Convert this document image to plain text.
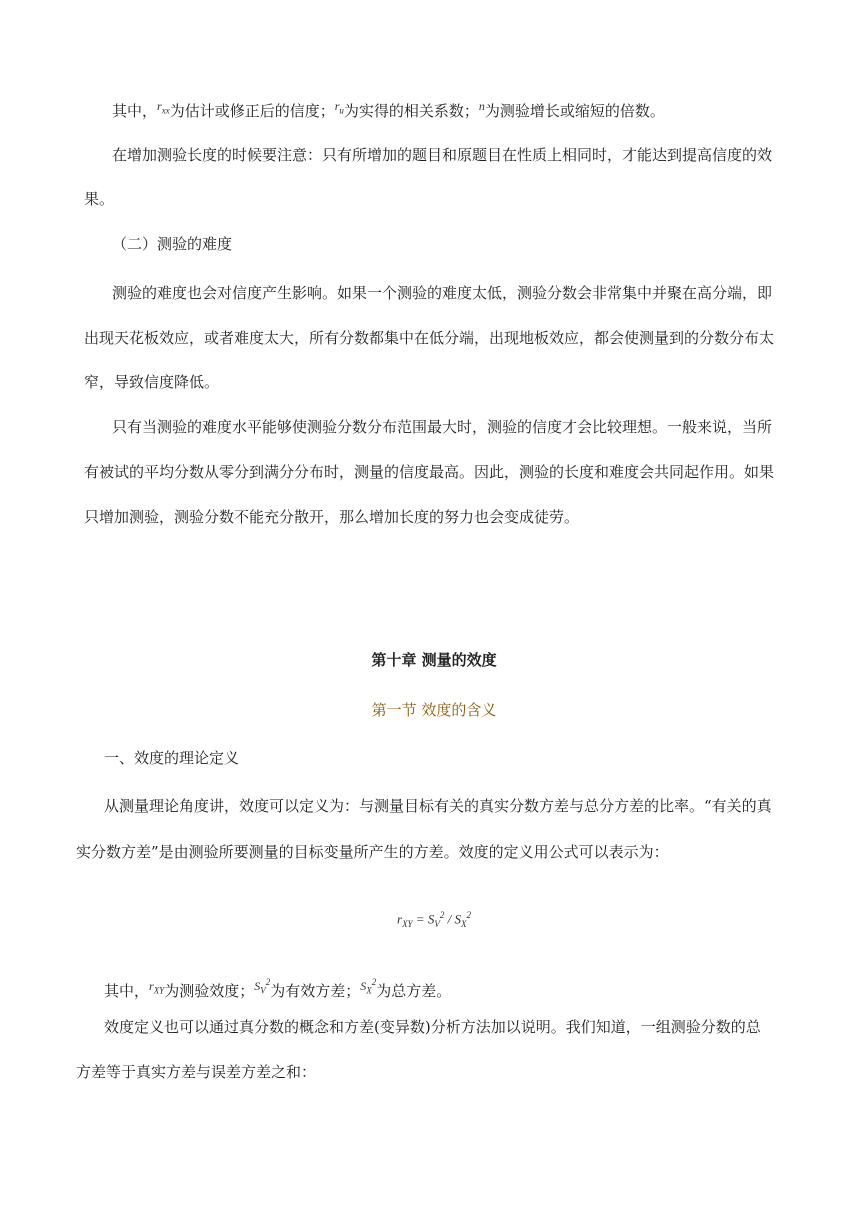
其中，$^{r_{xx}}$为估计或修正后的信度；$^{r_u}$为实得的相关系数；$^n$为测验增长或缩短的倍数。
在增加测验长度的时候要注意：只有所增加的题目和原题目在性质上相同时，才能达到提高信度的效
果。
（二）测验的难度
测验的难度也会对信度产生影响。如果一个测验的难度太低，测验分数会非常集中并聚在高分端，即
出现天花板效应，或者难度太大，所有分数都集中在低分端，出现地板效应，都会使测量到的分数分布太
窄，导致信度降低。
只有当测验的难度水平能够使测验分数分布范围最大时，测验的信度才会比较理想。一般来说，当所
有被试的平均分数从零分到满分分布时，测量的信度最高。因此，测验的长度和难度会共同起作用。如果
只增加测验，测验分数不能充分散开，那么增加长度的努力也会变成徒劳。
第十章 测量的效度
第一节 效度的含义
一、效度的理论定义
从测量理论角度讲，效度可以定义为：与测量目标有关的真实分数方差与总分方差的比率。“有关的真
实分数方差”是由测验所要测量的目标变量所产生的方差。效度的定义用公式可以表示为：
$r_{XY} = S_V^2 / S_X^2$
其中，$^{r_{XY}}$为测验效度；$^{S_V^2}$为有效方差；$^{S_X^2}$为总方差。
效度定义也可以通过真分数的概念和方差(变异数)分析方法加以说明。我们知道，一组测验分数的总
方差等于真实方差与误差方差之和：
